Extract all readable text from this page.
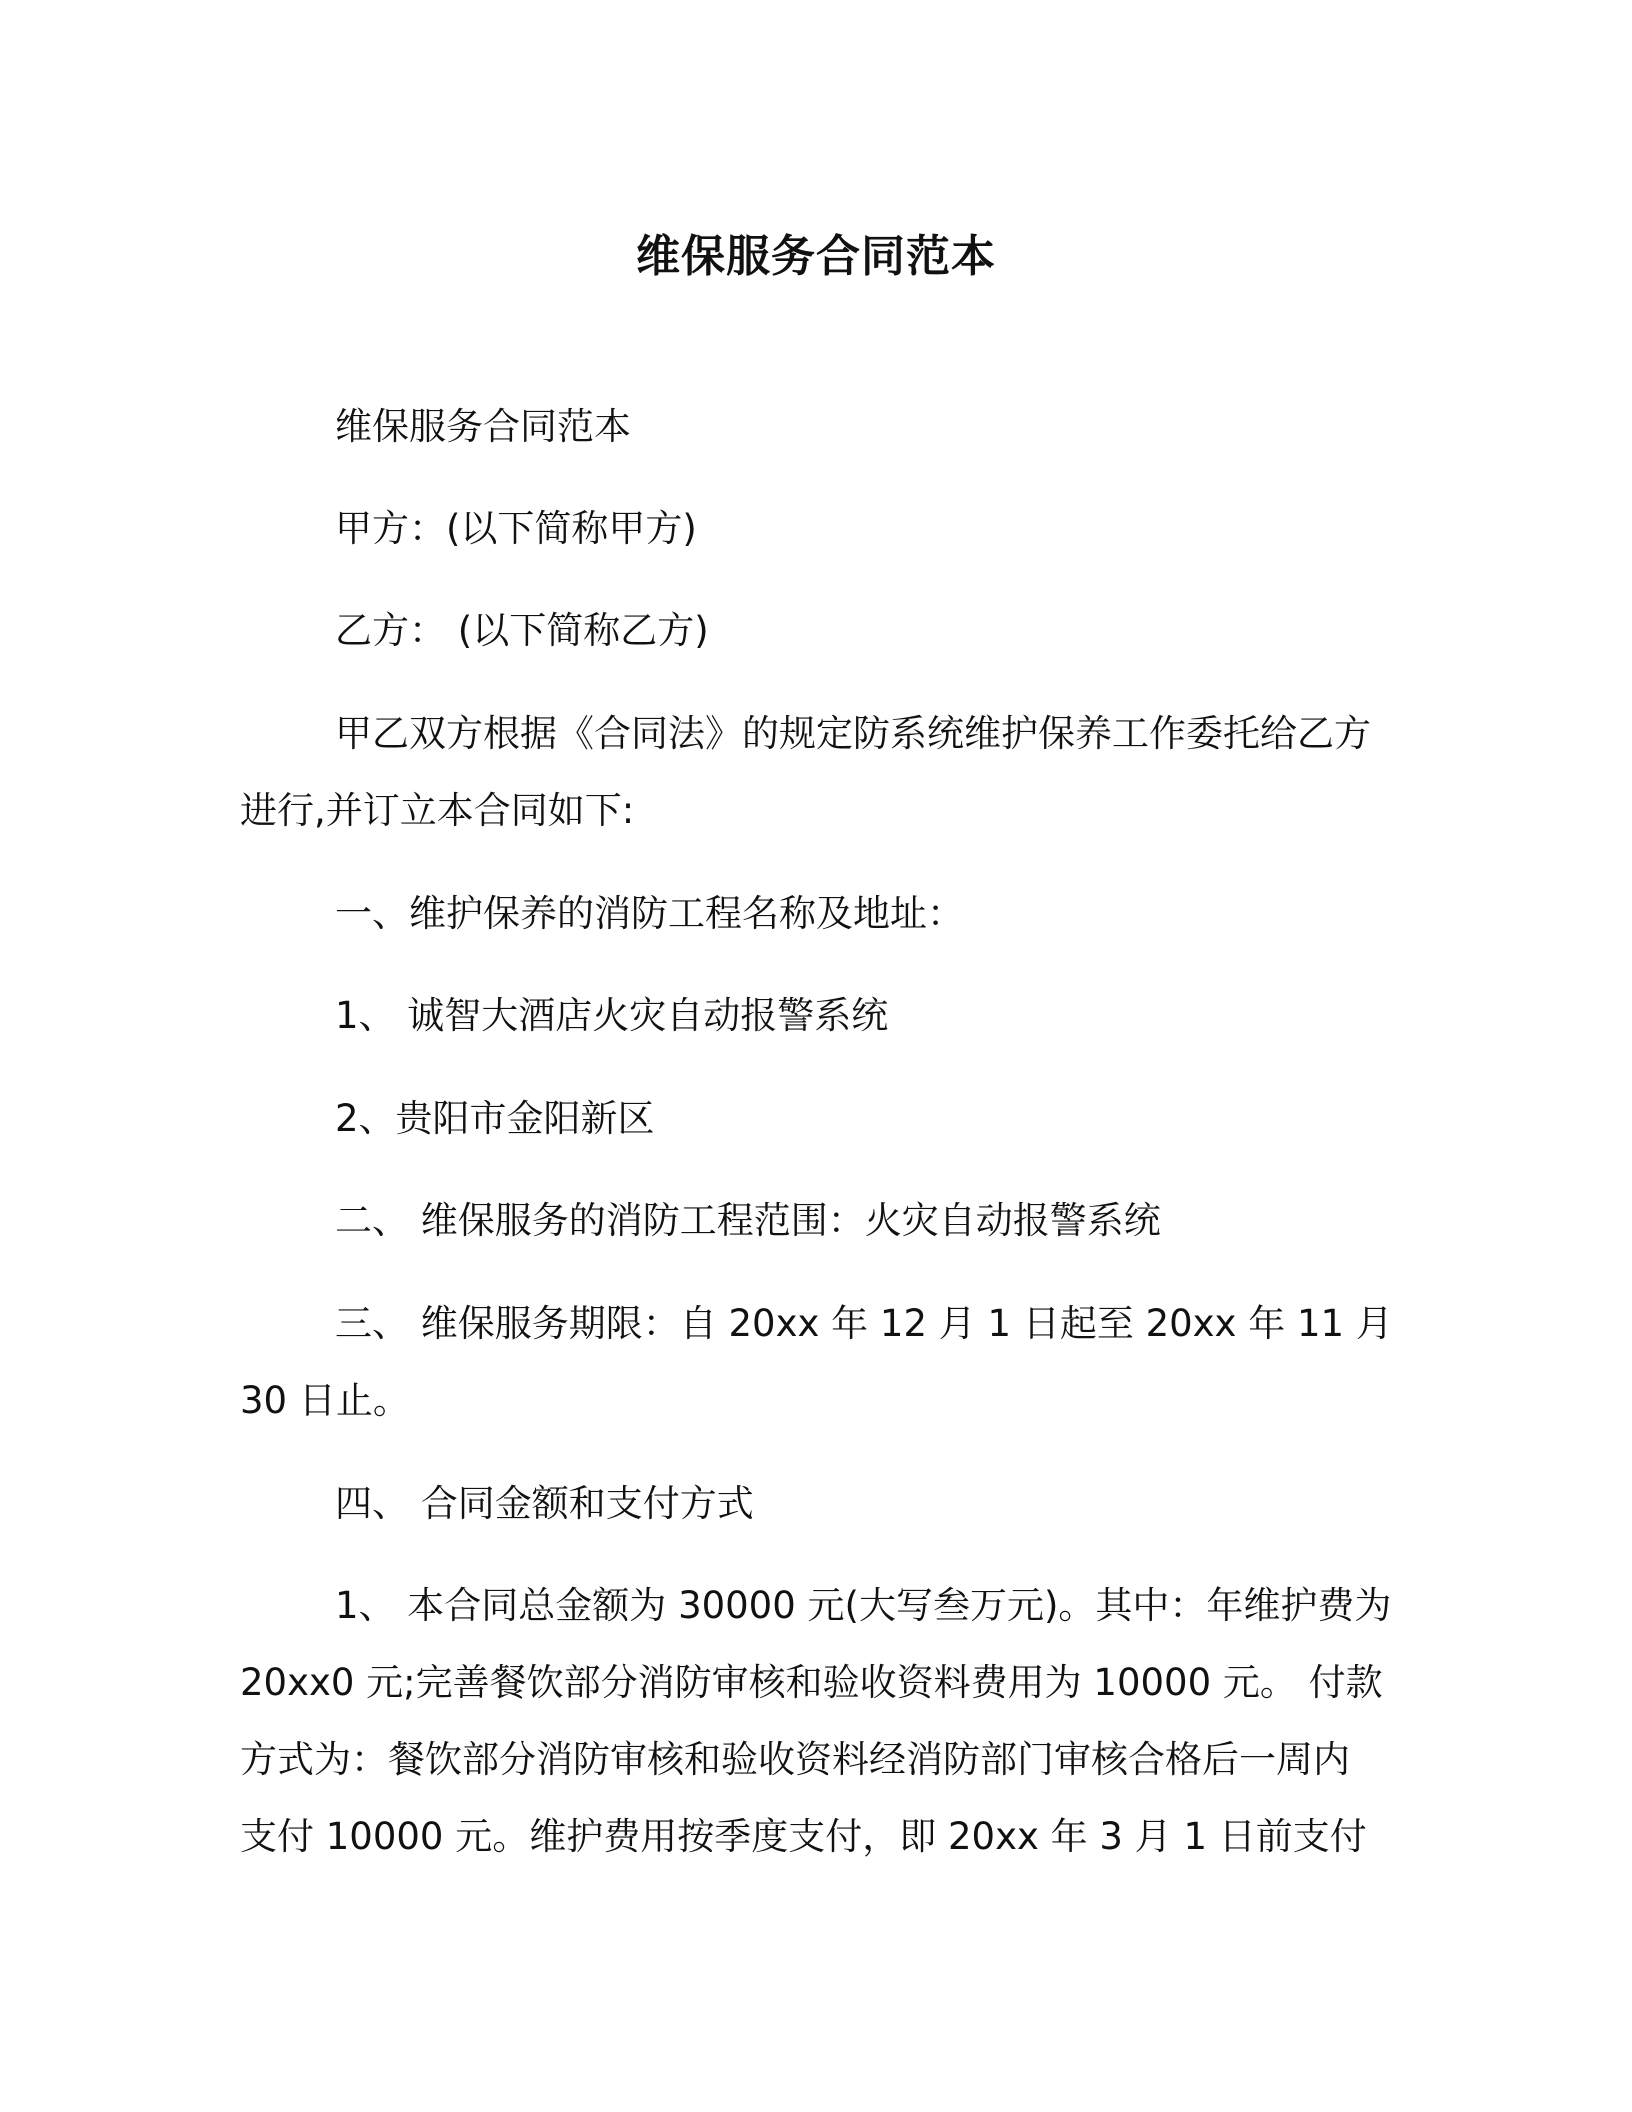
维保服务合同范本

维保服务合同范本

甲方：(以下简称甲方)

乙方： (以下简称乙方)

甲乙双方根据《合同法》的规定防系统维护保养工作委托给乙方
进行,并订立本合同如下:

一、维护保养的消防工程名称及地址：

1、 诚智大酒店火灾自动报警系统

2、贵阳市金阳新区

二、 维保服务的消防工程范围：火灾自动报警系统

三、 维保服务期限：自 20xx 年 12 月 1 日起至 20xx 年 11 月
30 日止。

四、 合同金额和支付方式

1、 本合同总金额为 30000 元(大写叁万元)。其中：年维护费为
20xx0 元;完善餐饮部分消防审核和验收资料费用为 10000 元。 付款
方式为：餐饮部分消防审核和验收资料经消防部门审核合格后一周内
支付 10000 元。维护费用按季度支付，即 20xx 年 3 月 1 日前支付
